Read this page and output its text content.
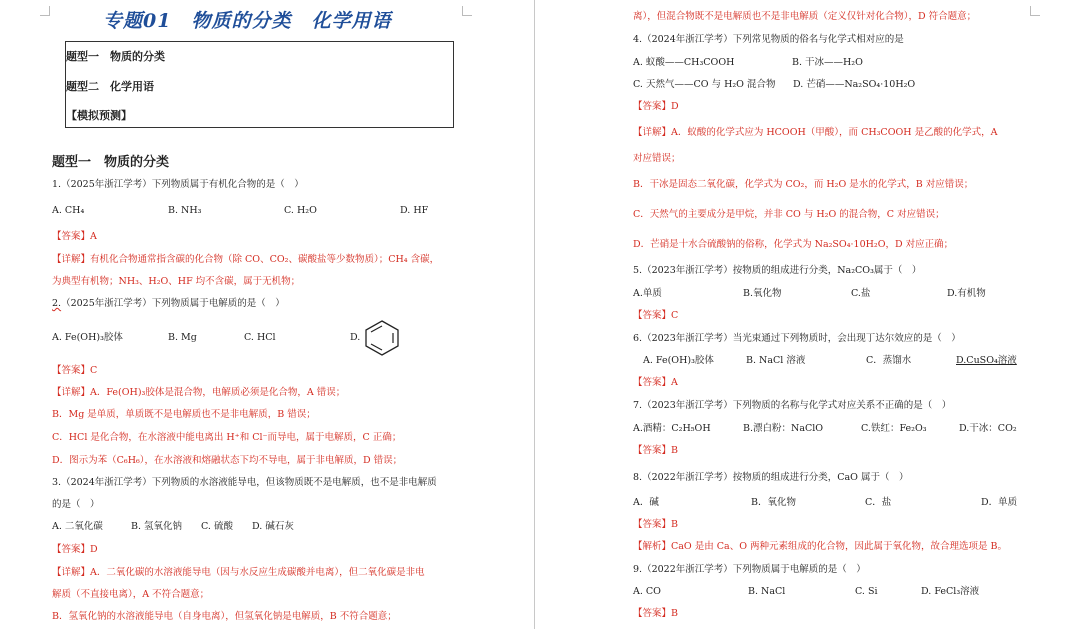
专题01　物质的分类　化学用语
题型一　物质的分类
题型二　化学用语
【模拟预测】
题型一　物质的分类
1.（2025年浙江学考）下列物质属于有机化合物的是（　）
A. CH₄	B. NH₃	C. H₂O	D. HF
【答案】A
【详解】有机化合物通常指含碳的化合物（除 CO、CO₂、碳酸盐等少数物质）；CH₄ 含碳，
为典型有机物；NH₃、H₂O、HF 均不含碳，属于无机物；
2.（2025年浙江学考）下列物质属于电解质的是（　）
A. Fe(OH)₃胶体	B. Mg	C. HCl	D.
【答案】C
【详解】A．Fe(OH)₃胶体是混合物，电解质必须是化合物，A 错误；
B．Mg 是单质，单质既不是电解质也不是非电解质，B 错误；
C．HCl 是化合物，在水溶液中能电离出 H⁺和 Cl⁻而导电，属于电解质，C 正确；
D．图示为苯（C₆H₆），在水溶液和熔融状态下均不导电，属于非电解质，D 错误；
3.（2024年浙江学考）下列物质的水溶液能导电，但该物质既不是电解质，也不是非电解质
的是（　）
A. 二氧化碳	B. 氢氧化钠 C. 硫酸 D. 碱石灰
【答案】D
【详解】A．二氧化碳的水溶液能导电（因与水反应生成碳酸并电离），但二氧化碳是非电
解质（不直接电离），A 不符合题意；
B．氢氧化钠的水溶液能导电（自身电离），但氢氧化钠是电解质，B 不符合题意；
离），但混合物既不是电解质也不是非电解质（定义仅针对化合物），D 符合题意；
4.（2024年浙江学考）下列常见物质的俗名与化学式相对应的是
A. 蚁酸——CH₃COOH	B. 干冰——H₂O
C. 天然气——CO 与 H₂O 混合物 D. 芒硝——Na₂SO₄·10H₂O
【答案】D
【详解】A．蚁酸的化学式应为 HCOOH（甲酸），而 CH₃COOH 是乙酸的化学式，A
对应错误；
B．干冰是固态二氧化碳，化学式为 CO₂，而 H₂O 是水的化学式，B 对应错误；
C．天然气的主要成分是甲烷，并非 CO 与 H₂O 的混合物，C 对应错误；
D．芒硝是十水合硫酸钠的俗称，化学式为 Na₂SO₄·10H₂O，D 对应正确；
5.（2023年浙江学考）按物质的组成进行分类，Na₂CO₃属于（　）
A.单质	B.氧化物	C.盐	D.有机物
【答案】C
6.（2023年浙江学考）当光束通过下列物质时，会出现丁达尔效应的是（　）
A. Fe(OH)₃胶体	B. NaCl 溶液	C．蒸馏水	D.CuSO₄溶液
【答案】A
7.（2023年浙江学考）下列物质的名称与化学式对应关系不正确的是（　）
A.酒精：C₂H₅OH	B.漂白粉：NaClO	C.铁红：Fe₂O₃	D.干冰：CO₂
【答案】B
8.（2022年浙江学考）按物质的组成进行分类，CaO 属于（　）
A．碱	B．氧化物	C．盐	D．单质
【答案】B
【解析】CaO 是由 Ca、O 两种元素组成的化合物，因此属于氧化物，故合理选项是 B。
9.（2022年浙江学考）下列物质属于电解质的是（　）
A. CO	B. NaCl	C. Si	D. FeCl₃溶液
【答案】B
